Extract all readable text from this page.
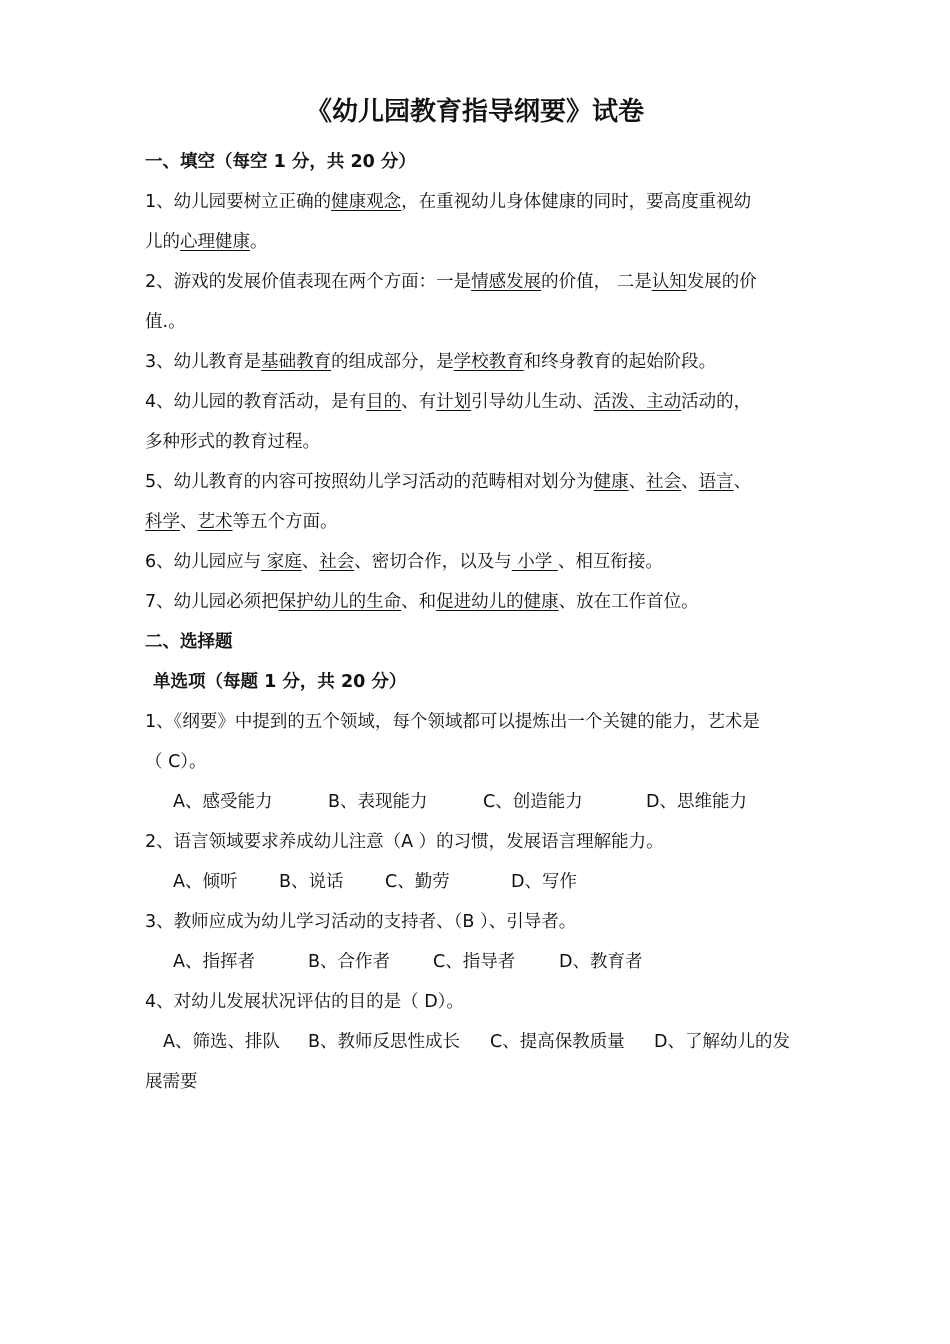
《幼儿园教育指导纲要》试卷
一、填空（每空 1 分，共 20 分）
1、幼儿园要树立正确的健康观念，在重视幼儿身体健康的同时，要高度重视幼
儿的心理健康。
2、游戏的发展价值表现在两个方面：一是情感发展的价值， 二是认知发展的价
值.。
3、幼儿教育是基础教育的组成部分，是学校教育和终身教育的起始阶段。
4、幼儿园的教育活动，是有目的、有计划引导幼儿生动、活泼、主动活动的，
多种形式的教育过程。
5、幼儿教育的内容可按照幼儿学习活动的范畴相对划分为健康、社会、语言、
科学、艺术等五个方面。
6、幼儿园应与 家庭、社会、密切合作，以及与 小学 、相互衔接。
7、幼儿园必须把保护幼儿的生命、和促进幼儿的健康、放在工作首位。
二、选择题
单选项（每题 1 分，共 20 分）
1、《纲要》中提到的五个领域，每个领域都可以提炼出一个关键的能力，艺术是
（ C）。
A、感受能力	B、表现能力	C、创造能力	D、思维能力
2、语言领域要求养成幼儿注意（A ）的习惯，发展语言理解能力。
A、倾听 B、说话 C、勤劳	D、写作
3、教师应成为幼儿学习活动的支持者、（B ）、引导者。
A、指挥者	B、合作者 C、指导者	D、教育者
4、对幼儿发展状况评估的目的是（ D）。
A、筛选、排队 B、教师反思性成长 C、提高保教质量 D、了解幼儿的发
展需要
